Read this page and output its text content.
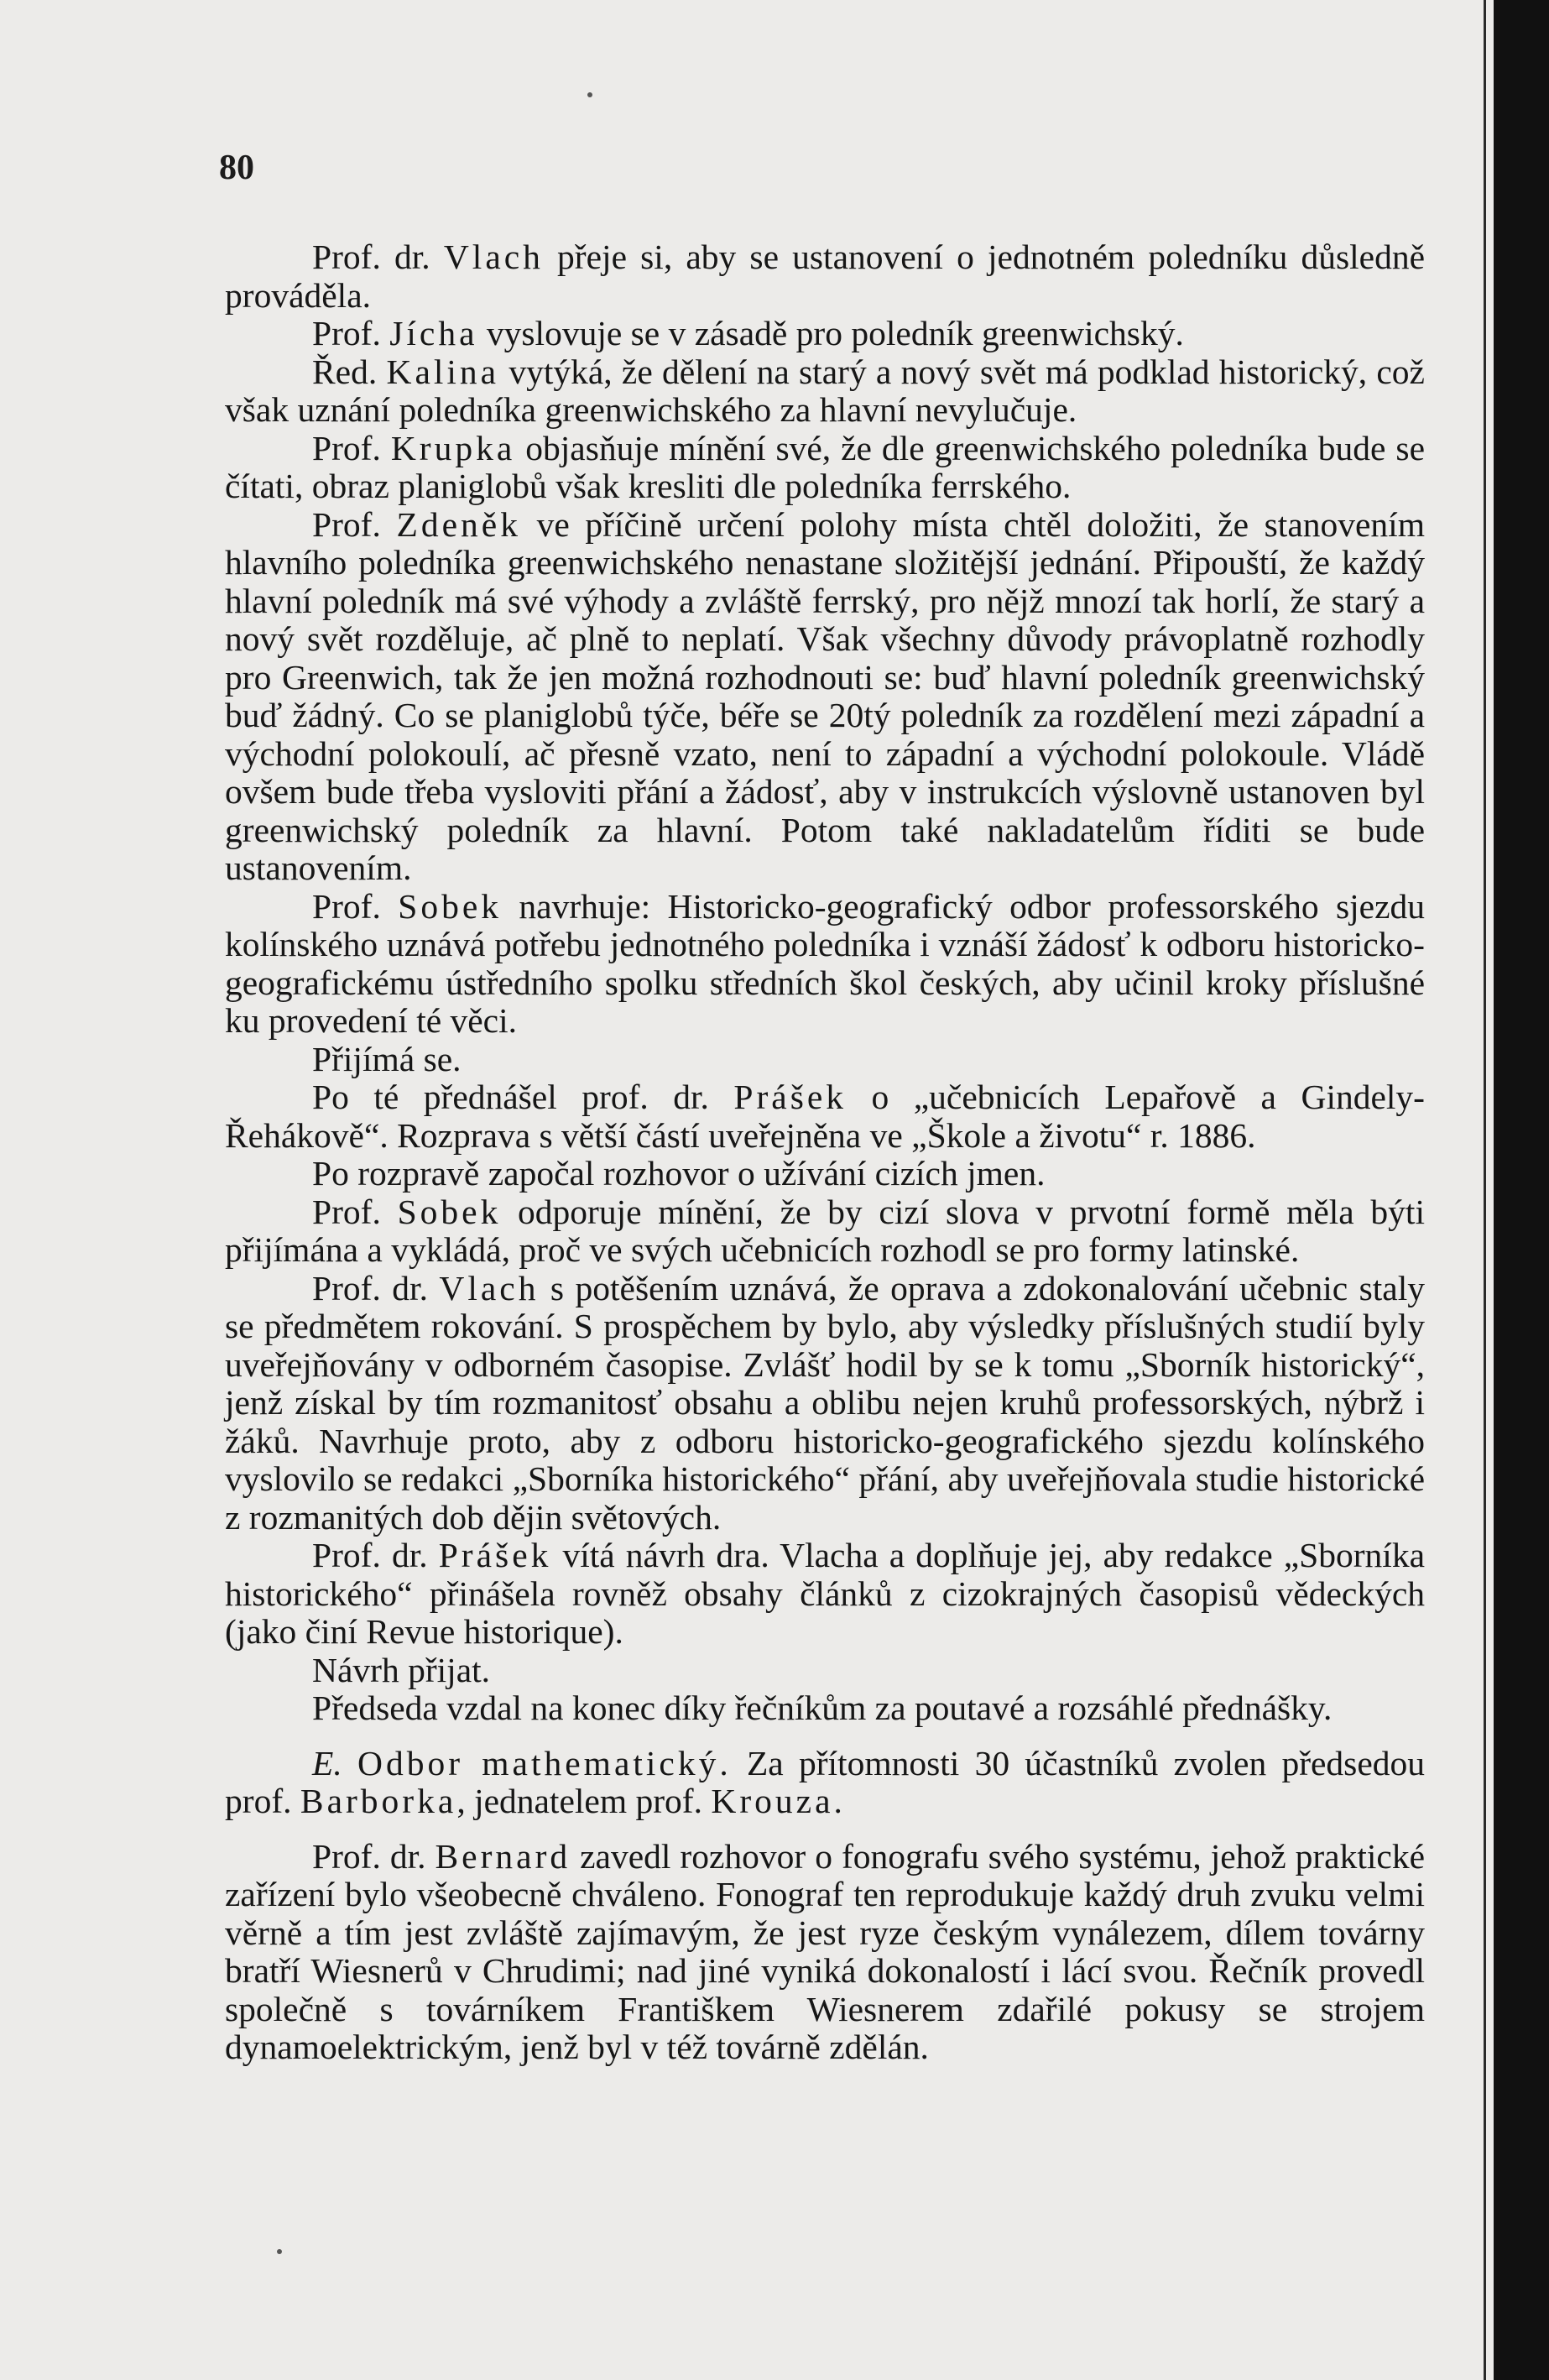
80

Prof. dr. Vlach přeje si, aby se ustanovení o jednotném poledníku důsledně prováděla.

Prof. Jícha vyslovuje se v zásadě pro poledník greenwichský.

Řed. Kalina vytýká, že dělení na starý a nový svět má podklad historický, což však uznání poledníka greenwichského za hlavní nevylučuje.

Prof. Krupka objasňuje mínění své, že dle greenwichského poledníka bude se čítati, obraz planiglobů však kresliti dle poledníka ferrského.

Prof. Zdeněk ve příčině určení polohy místa chtěl doložiti, že stanovením hlavního poledníka greenwichského nenastane složitější jednání. Připouští, že každý hlavní poledník má své výhody a zvláště ferrský, pro nějž mnozí tak horlí, že starý a nový svět rozděluje, ač plně to neplatí. Však všechny důvody právoplatně rozhodly pro Greenwich, tak že jen možná rozhodnouti se: buď hlavní poledník greenwichský buď žádný. Co se planiglobů týče, béře se 20tý poledník za rozdělení mezi západní a východní polokoulí, ač přesně vzato, není to západní a východní polokoule. Vládě ovšem bude třeba vysloviti přání a žádosť, aby v instrukcích výslovně ustanoven byl greenwichský poledník za hlavní. Potom také nakladatelům říditi se bude ustanovením.

Prof. Sobek navrhuje: Historicko-geografický odbor professorského sjezdu kolínského uznává potřebu jednotného poledníka i vznáší žádosť k odboru historicko-geografickému ústředního spolku středních škol českých, aby učinil kroky příslušné ku provedení té věci.

Přijímá se.

Po té přednášel prof. dr. Prášek o „učebnicích Lepařově a Gindely-Řehákově“. Rozprava s větší částí uveřejněna ve „Škole a životu“ r. 1886.

Po rozpravě započal rozhovor o užívání cizích jmen.

Prof. Sobek odporuje mínění, že by cizí slova v prvotní formě měla býti přijímána a vykládá, proč ve svých učebnicích rozhodl se pro formy latinské.

Prof. dr. Vlach s potěšením uznává, že oprava a zdokonalování učebnic staly se předmětem rokování. S prospěchem by bylo, aby výsledky příslušných studií byly uveřejňovány v odborném časopise. Zvlášť hodil by se k tomu „Sborník historický“, jenž získal by tím rozmanitosť obsahu a oblibu nejen kruhů professorských, nýbrž i žáků. Navrhuje proto, aby z odboru historicko-geografického sjezdu kolínského vyslovilo se redakci „Sborníka historického“ přání, aby uveřejňovala studie historické z rozmanitých dob dějin světových.

Prof. dr. Prášek vítá návrh dra. Vlacha a doplňuje jej, aby redakce „Sborníka historického“ přinášela rovněž obsahy článků z cizokrajných časopisů vědeckých (jako činí Revue historique).

Návrh přijat.

Předseda vzdal na konec díky řečníkům za poutavé a rozsáhlé přednášky.

E. Odbor mathematický. Za přítomnosti 30 účastníků zvolen předsedou prof. Barborka, jednatelem prof. Krouza.

Prof. dr. Bernard zavedl rozhovor o fonografu svého systému, jehož praktické zařízení bylo všeobecně chváleno. Fonograf ten reprodukuje každý druh zvuku velmi věrně a tím jest zvláště zajímavým, že jest ryze českým vynálezem, dílem továrny bratří Wiesnerů v Chrudimi; nad jiné vyniká dokonalostí i lácí svou. Řečník provedl společně s továrníkem Františkem Wiesnerem zdařilé pokusy se strojem dynamoelektrickým, jenž byl v též továrně zdělán.
